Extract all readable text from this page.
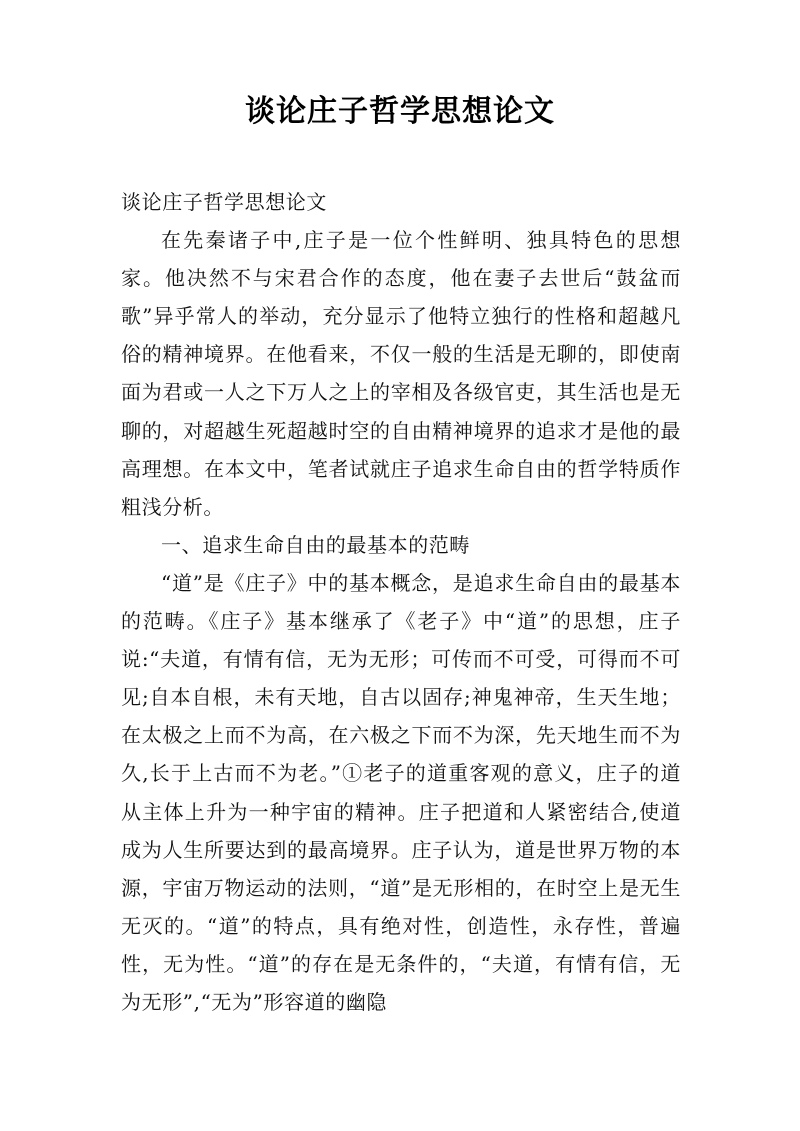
谈论庄子哲学思想论文

谈论庄子哲学思想论文

在先秦诸子中,庄子是一位个性鲜明、独具特色的思想家。他决然不与宋君合作的态度，他在妻子去世后“鼓盆而歌”异乎常人的举动，充分显示了他特立独行的性格和超越凡俗的精神境界。在他看来，不仅一般的生活是无聊的，即使南面为君或一人之下万人之上的宰相及各级官吏，其生活也是无聊的，对超越生死超越时空的自由精神境界的追求才是他的最高理想。在本文中，笔者试就庄子追求生命自由的哲学特质作粗浅分析。

一、追求生命自由的最基本的范畴

“道”是《庄子》中的基本概念，是追求生命自由的最基本的范畴。《庄子》基本继承了《老子》中“道”的思想，庄子说:“夫道，有情有信，无为无形；可传而不可受，可得而不可见;自本自根，未有天地，自古以固存;神鬼神帝，生天生地；在太极之上而不为高，在六极之下而不为深，先天地生而不为久,长于上古而不为老。”①老子的道重客观的意义，庄子的道从主体上升为一种宇宙的精神。庄子把道和人紧密结合,使道成为人生所要达到的最高境界。庄子认为，道是世界万物的本源，宇宙万物运动的法则，“道”是无形相的，在时空上是无生无灭的。“道”的特点，具有绝对性，创造性，永存性，普遍性，无为性。“道”的存在是无条件的，“夫道，有情有信，无为无形”,“无为”形容道的幽隐
